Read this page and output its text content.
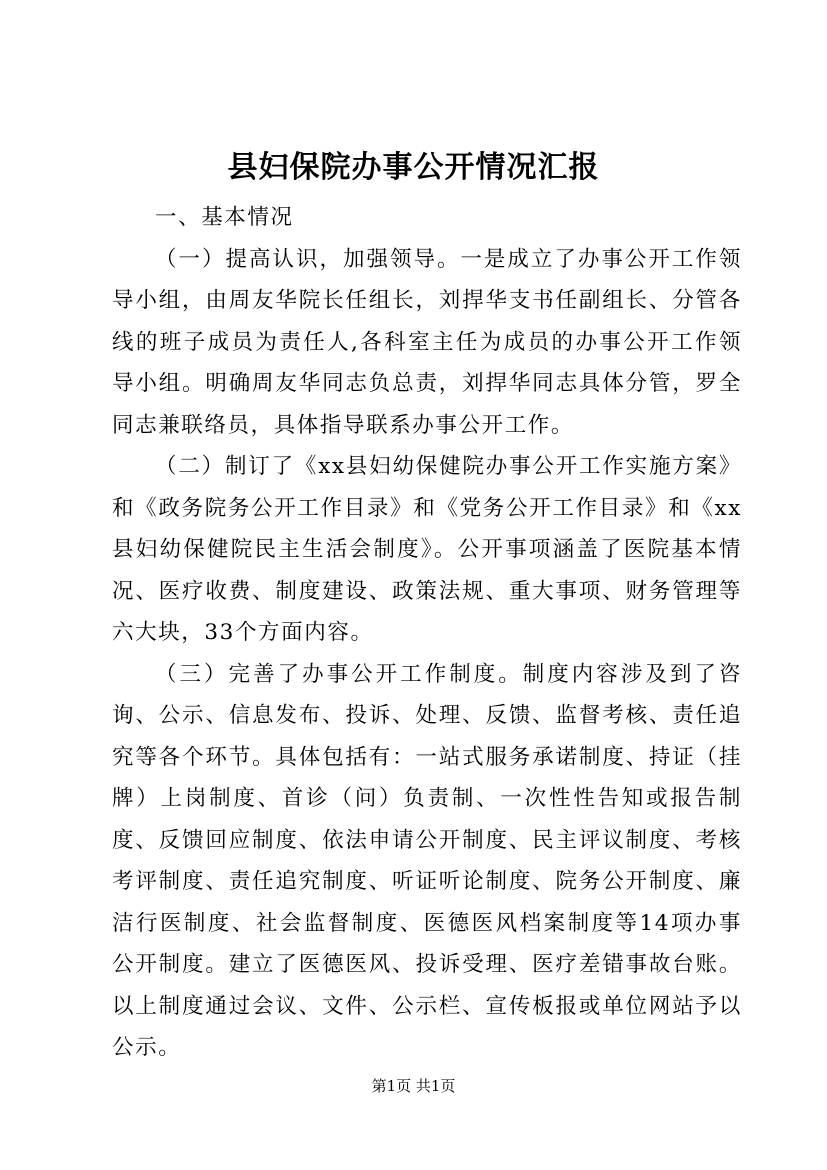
县妇保院办事公开情况汇报

一、基本情况

（一）提高认识，加强领导。一是成立了办事公开工作领导小组，由周友华院长任组长，刘捍华支书任副组长、分管各线的班子成员为责任人,各科室主任为成员的办事公开工作领导小组。明确周友华同志负总责，刘捍华同志具体分管，罗全同志兼联络员，具体指导联系办事公开工作。

（二）制订了《xx县妇幼保健院办事公开工作实施方案》和《政务院务公开工作目录》和《党务公开工作目录》和《xx县妇幼保健院民主生活会制度》。公开事项涵盖了医院基本情况、医疗收费、制度建设、政策法规、重大事项、财务管理等六大块，33个方面内容。

（三）完善了办事公开工作制度。制度内容涉及到了咨询、公示、信息发布、投诉、处理、反馈、监督考核、责任追究等各个环节。具体包括有：一站式服务承诺制度、持证（挂牌）上岗制度、首诊（问）负责制、一次性性告知或报告制度、反馈回应制度、依法申请公开制度、民主评议制度、考核考评制度、责任追究制度、听证听论制度、院务公开制度、廉洁行医制度、社会监督制度、医德医风档案制度等14项办事公开制度。建立了医德医风、投诉受理、医疗差错事故台账。以上制度通过会议、文件、公示栏、宣传板报或单位网站予以公示。

第1页 共1页
